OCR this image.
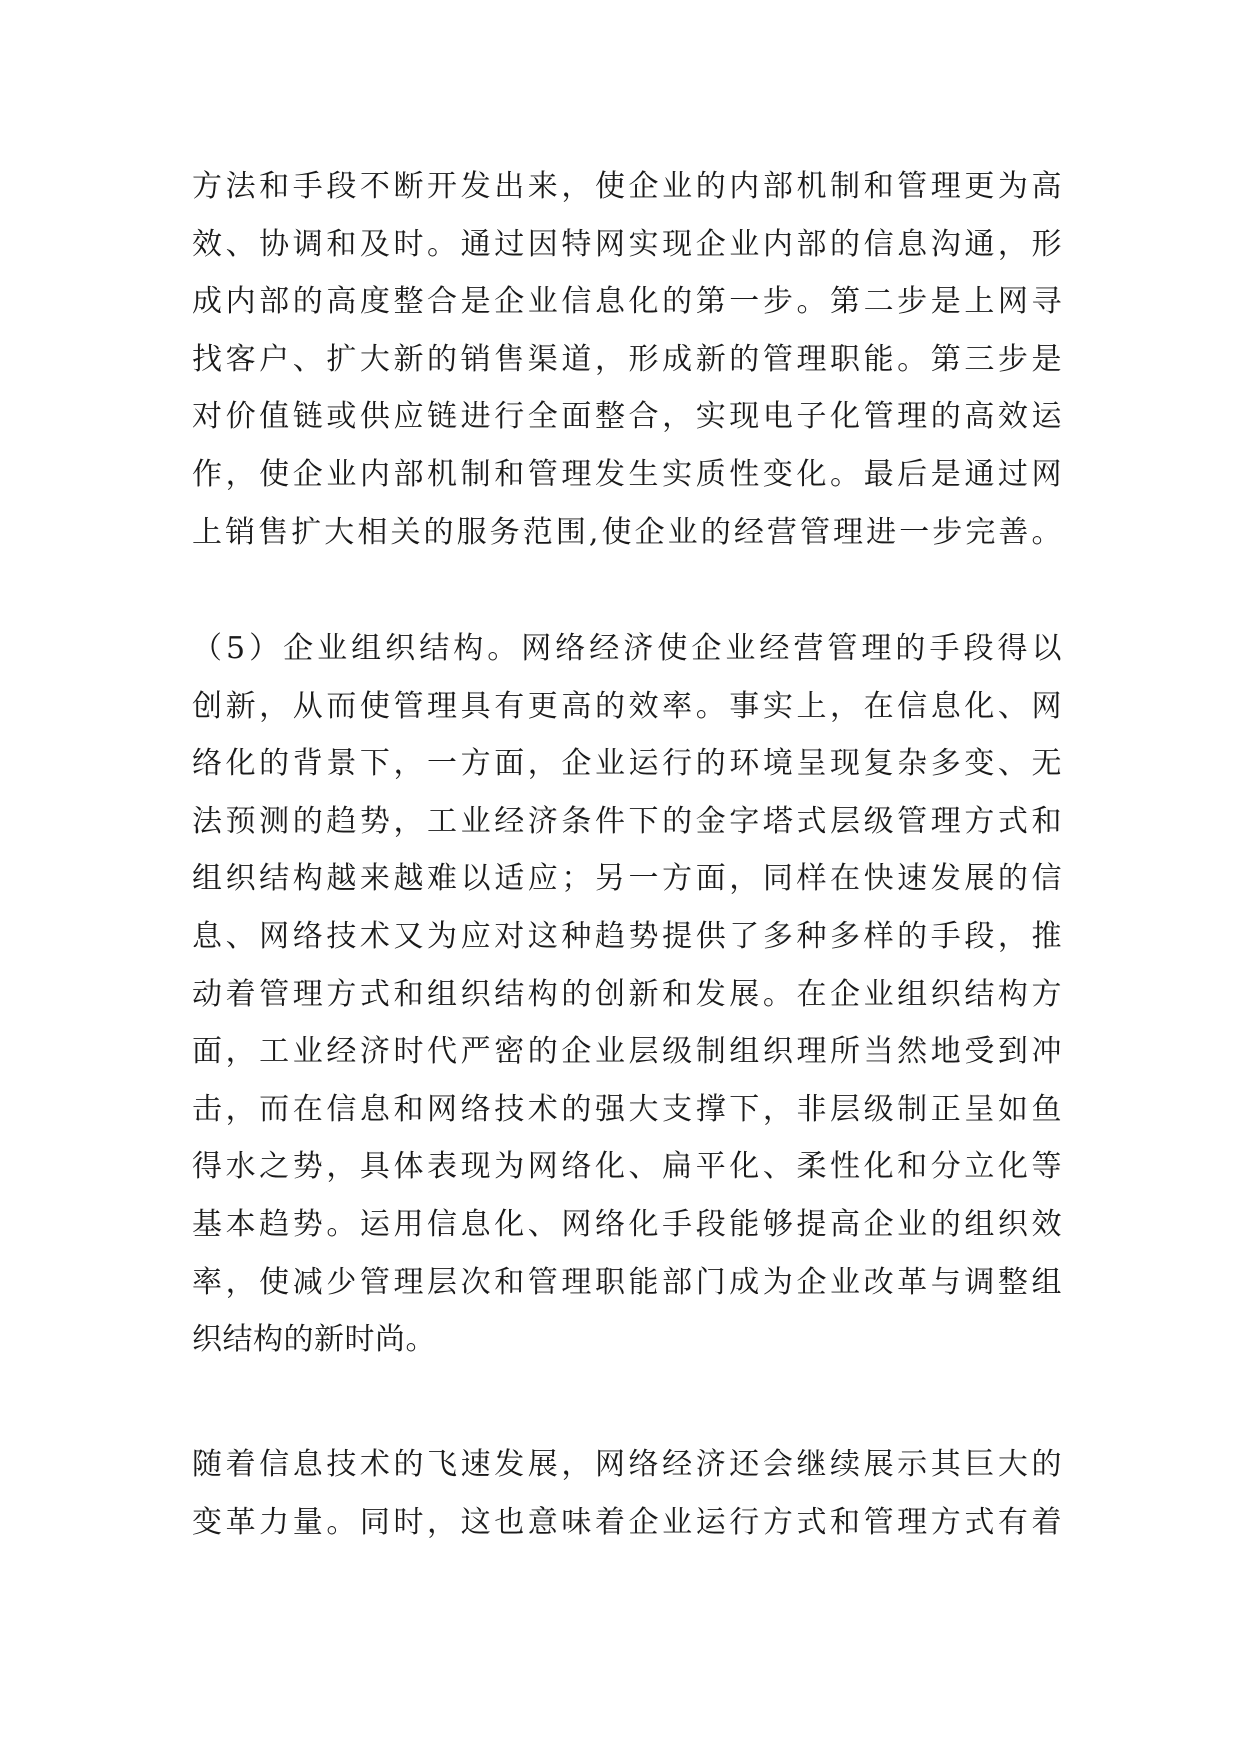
方法和手段不断开发出来，使企业的内部机制和管理更为高
效、协调和及时。通过因特网实现企业内部的信息沟通，形
成内部的高度整合是企业信息化的第一步。第二步是上网寻
找客户、扩大新的销售渠道，形成新的管理职能。第三步是
对价值链或供应链进行全面整合，实现电子化管理的高效运
作，使企业内部机制和管理发生实质性变化。最后是通过网
上销售扩大相关的服务范围,使企业的经营管理进一步完善。
（5）企业组织结构。网络经济使企业经营管理的手段得以
创新，从而使管理具有更高的效率。事实上，在信息化、网
络化的背景下，一方面，企业运行的环境呈现复杂多变、无
法预测的趋势，工业经济条件下的金字塔式层级管理方式和
组织结构越来越难以适应；另一方面，同样在快速发展的信
息、网络技术又为应对这种趋势提供了多种多样的手段，推
动着管理方式和组织结构的创新和发展。在企业组织结构方
面，工业经济时代严密的企业层级制组织理所当然地受到冲
击，而在信息和网络技术的强大支撑下，非层级制正呈如鱼
得水之势，具体表现为网络化、扁平化、柔性化和分立化等
基本趋势。运用信息化、网络化手段能够提高企业的组织效
率，使减少管理层次和管理职能部门成为企业改革与调整组
织结构的新时尚。
随着信息技术的飞速发展，网络经济还会继续展示其巨大的
变革力量。同时，这也意味着企业运行方式和管理方式有着
